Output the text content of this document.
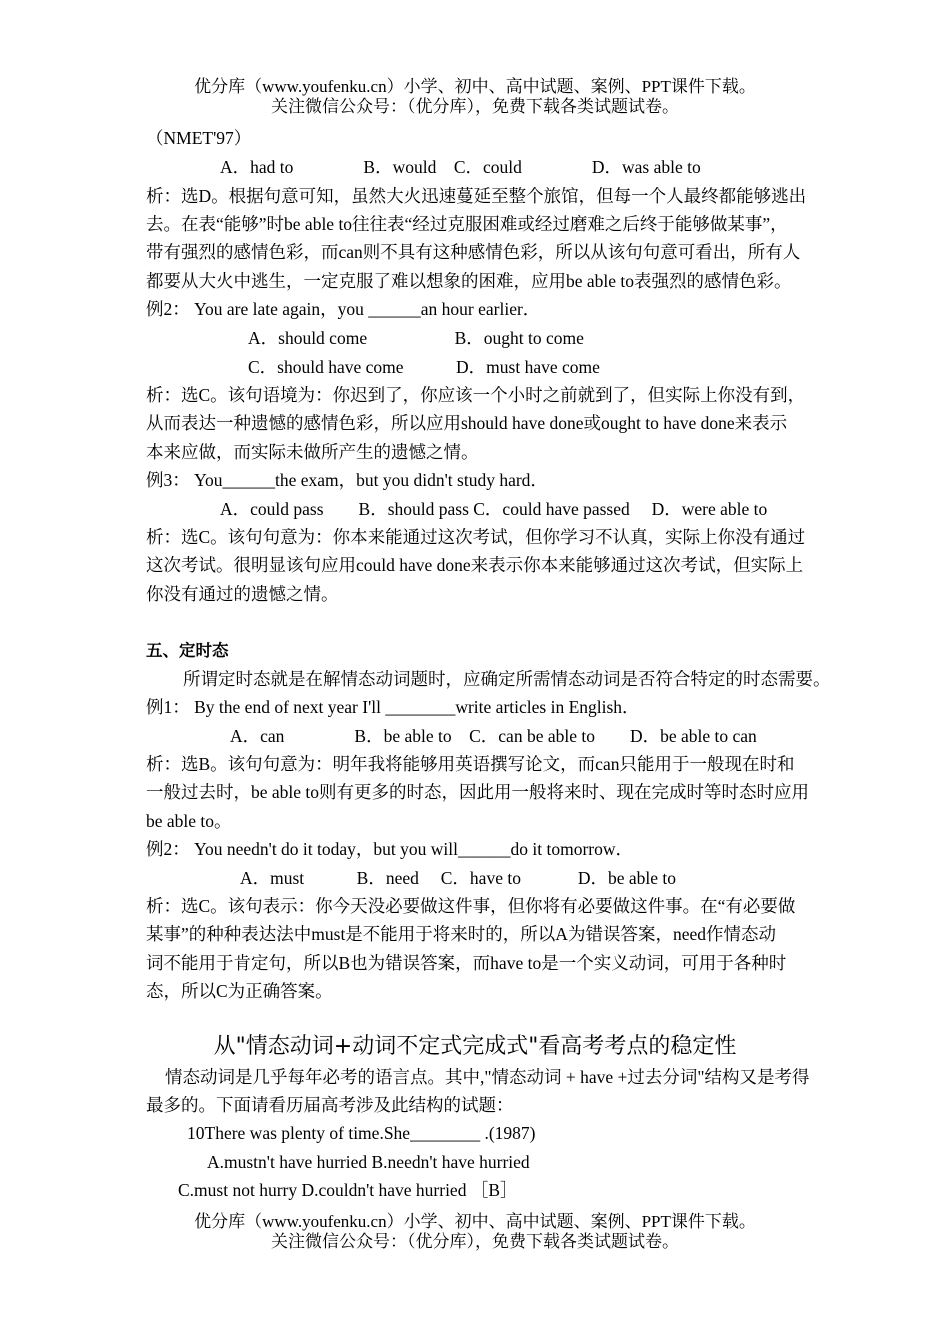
优分库（www.youfenku.cn）小学、初中、高中试题、案例、PPT课件下载。
关注微信公众号：（优分库），免费下载各类试题试卷。
（NMET'97）
A．had to　　　　B．would　C．could　　　　D．was able to
析：选D。根据句意可知，虽然大火迅速蔓延至整个旅馆，但每一个人最终都能够逃出
去。在表“能够”时be able to往往表“经过克服困难或经过磨难之后终于能够做某事”，
带有强烈的感情色彩，而can则不具有这种感情色彩，所以从该句句意可看出，所有人
都要从大火中逃生，一定克服了难以想象的困难，应用be able to表强烈的感情色彩。
例2： You are late again，you ______an hour earlier．
A．should come　　　　　B．ought to come
C．should have come　　　D．must have come
析：选C。该句语境为：你迟到了，你应该一个小时之前就到了，但实际上你没有到，
从而表达一种遗憾的感情色彩，所以应用should have done或ought to have done来表示
本来应做，而实际未做所产生的遗憾之情。
例3： You______the exam，but you didn't study hard．
A．could pass　　B．should pass C．could have passed　 D．were able to
析：选C。该句句意为：你本来能通过这次考试，但你学习不认真，实际上你没有通过
这次考试。很明显该句应用could have done来表示你本来能够通过这次考试，但实际上
你没有通过的遗憾之情。
五、定时态
所谓定时态就是在解情态动词题时，应确定所需情态动词是否符合特定的时态需要。
例1： By the end of next year I'll ________write articles in English．
A．can　　　　B．be able to　C．can be able to　　D．be able to can
析：选B。该句句意为：明年我将能够用英语撰写论文，而can只能用于一般现在时和
一般过去时，be able to则有更多的时态，因此用一般将来时、现在完成时等时态时应用
be able to。
例2： You needn't do it today，but you will______do it tomorrow．
A．must　　　B．need　 C．have to　　　 D．be able to
析：选C。该句表示：你今天没必要做这件事，但你将有必要做这件事。在“有必要做
某事”的种种表达法中must是不能用于将来时的，所以A为错误答案，need作情态动
词不能用于肯定句，所以B也为错误答案，而have to是一个实义动词，可用于各种时
态，所以C为正确答案。
从"情态动词+动词不定式完成式"看高考考点的稳定性
情态动词是几乎每年必考的语言点。其中,"情态动词 + have +过去分词"结构又是考得
最多的。下面请看历届高考涉及此结构的试题：
10There was plenty of time.She________ .(1987)
A.mustn't have hurried B.needn't have hurried
C.must not hurry D.couldn't have hurried ［B］
优分库（www.youfenku.cn）小学、初中、高中试题、案例、PPT课件下载。
关注微信公众号：（优分库），免费下载各类试题试卷。
